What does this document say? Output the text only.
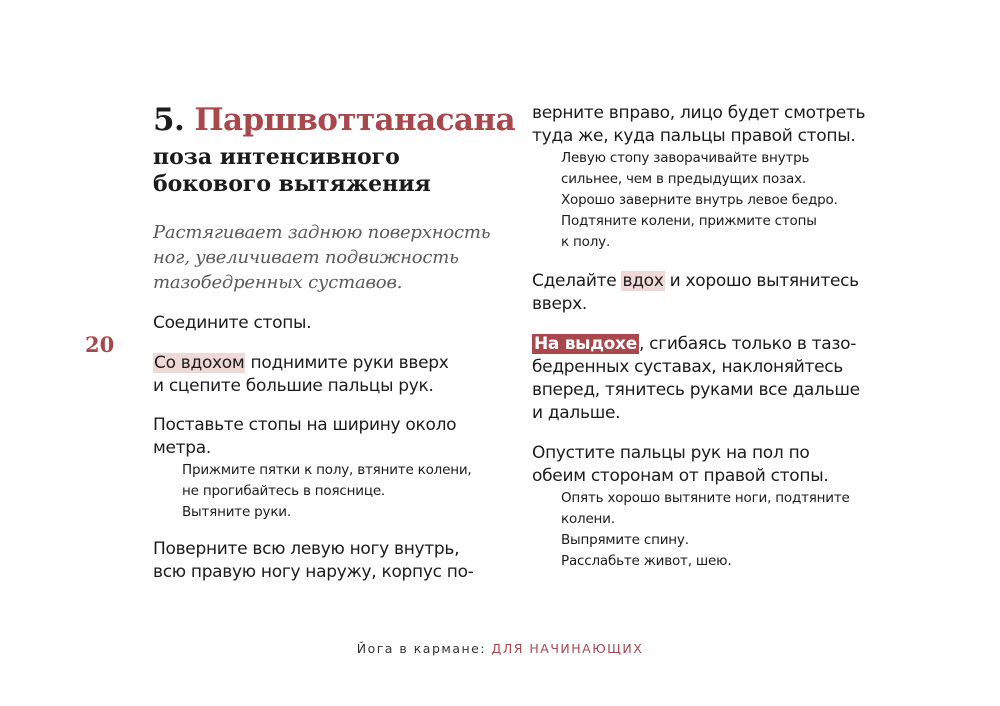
20
5. Паршвоттанасана
поза интенсивного
бокового вытяжения
Растягивает заднюю поверхность
ног, увеличивает подвижность
тазобедренных суставов.
Соедините стопы.
Со вдохом поднимите руки вверх
и сцепите большие пальцы рук.
Поставьте стопы на ширину около
метра.
Прижмите пятки к полу, втяните колени,
не прогибайтесь в пояснице.
Вытяните руки.
Поверните всю левую ногу внутрь,
всю правую ногу наружу, корпус по-
верните вправо, лицо будет смотреть
туда же, куда пальцы правой стопы.
Левую стопу заворачивайте внутрь
сильнее, чем в предыдущих позах.
Хорошо заверните внутрь левое бедро.
Подтяните колени, прижмите стопы
к полу.
Сделайте вдох и хорошо вытянитесь
вверх.
На выдохе , сгибаясь только в тазо-
бедренных суставах, наклоняйтесь
вперед, тянитесь руками все дальше
и дальше.
Опустите пальцы рук на пол по
обеим сторонам от правой стопы.
Опять хорошо вытяните ноги, подтяните
колени.
Выпрямите спину.
Расслабьте живот, шею.
Йога в кармане: ДЛЯ НАЧИНАЮЩИХ
